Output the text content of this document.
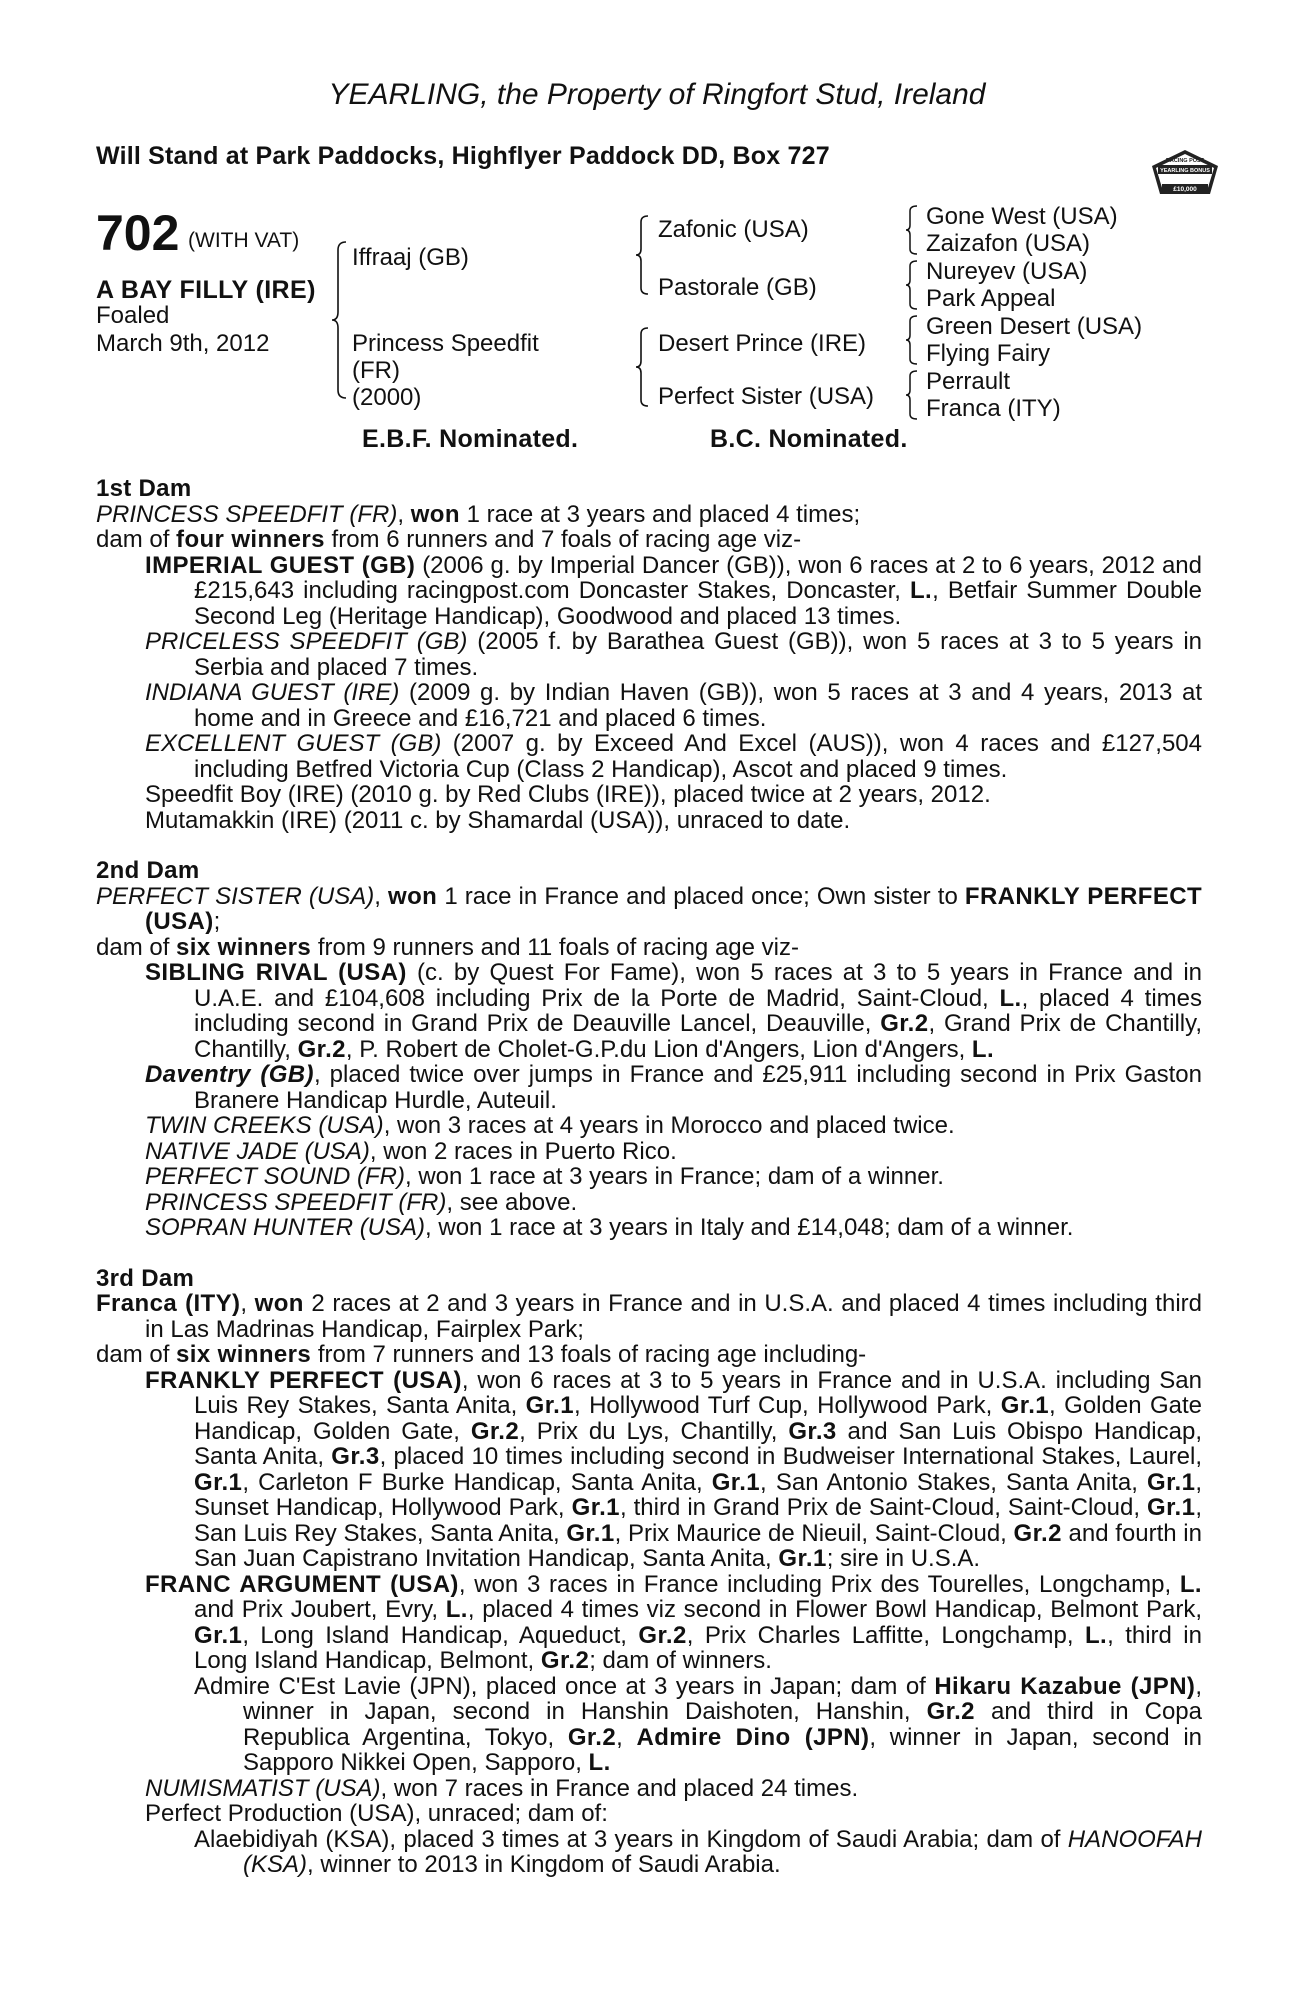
YEARLING, the Property of Ringfort Stud, Ireland
Will Stand at Park Paddocks, Highflyer Paddock DD, Box 727	RACING POST
YEARLING BONUS
£10,000
702 (WITH VAT)
A BAY FILLY (IRE)
Foaled
March 9th, 2012
Iffraaj (GB)
Princess Speedfit
(FR)
(2000)
Zafonic (USA)
Pastorale (GB)
Desert Prince (IRE)
Perfect Sister (USA)
Gone West (USA)
Zaizafon (USA)
Nureyev (USA)
Park Appeal
Green Desert (USA)
Flying Fairy
Perrault
Franca (ITY)
E.B.F. Nominated.	B.C. Nominated.
1st Dam

PRINCESS SPEEDFIT (FR), won 1 race at 3 years and placed 4 times;

dam of four winners from 6 runners and 7 foals of racing age viz-

IMPERIAL GUEST (GB) (2006 g. by Imperial Dancer (GB)), won 6 races at 2 to 6 years, 2012 and £215,643 including racingpost.com Doncaster Stakes, Doncaster, L., Betfair Summer Double Second Leg (Heritage Handicap), Goodwood and placed 13 times.

PRICELESS SPEEDFIT (GB) (2005 f. by Barathea Guest (GB)), won 5 races at 3 to 5 years in Serbia and placed 7 times.

INDIANA GUEST (IRE) (2009 g. by Indian Haven (GB)), won 5 races at 3 and 4 years, 2013 at home and in Greece and £16,721 and placed 6 times.

EXCELLENT GUEST (GB) (2007 g. by Exceed And Excel (AUS)), won 4 races and £127,504 including Betfred Victoria Cup (Class 2 Handicap), Ascot and placed 9 times.

Speedfit Boy (IRE) (2010 g. by Red Clubs (IRE)), placed twice at 2 years, 2012.

Mutamakkin (IRE) (2011 c. by Shamardal (USA)), unraced to date.

2nd Dam

PERFECT SISTER (USA), won 1 race in France and placed once; Own sister to FRANKLY PERFECT (USA);

dam of six winners from 9 runners and 11 foals of racing age viz-

SIBLING RIVAL (USA) (c. by Quest For Fame), won 5 races at 3 to 5 years in France and in U.A.E. and £104,608 including Prix de la Porte de Madrid, Saint-Cloud, L., placed 4 times including second in Grand Prix de Deauville Lancel, Deauville, Gr.2, Grand Prix de Chantilly, Chantilly, Gr.2, P. Robert de Cholet-G.P.du Lion d'Angers, Lion d'Angers, L.

Daventry (GB), placed twice over jumps in France and £25,911 including second in Prix Gaston Branere Handicap Hurdle, Auteuil.

TWIN CREEKS (USA), won 3 races at 4 years in Morocco and placed twice.

NATIVE JADE (USA), won 2 races in Puerto Rico.

PERFECT SOUND (FR), won 1 race at 3 years in France; dam of a winner.

PRINCESS SPEEDFIT (FR), see above.

SOPRAN HUNTER (USA), won 1 race at 3 years in Italy and £14,048; dam of a winner.

3rd Dam

Franca (ITY), won 2 races at 2 and 3 years in France and in U.S.A. and placed 4 times including third in Las Madrinas Handicap, Fairplex Park;

dam of six winners from 7 runners and 13 foals of racing age including-

FRANKLY PERFECT (USA), won 6 races at 3 to 5 years in France and in U.S.A. including San Luis Rey Stakes, Santa Anita, Gr.1, Hollywood Turf Cup, Hollywood Park, Gr.1, Golden Gate Handicap, Golden Gate, Gr.2, Prix du Lys, Chantilly, Gr.3 and San Luis Obispo Handicap, Santa Anita, Gr.3, placed 10 times including second in Budweiser International Stakes, Laurel, Gr.1, Carleton F Burke Handicap, Santa Anita, Gr.1, San Antonio Stakes, Santa Anita, Gr.1, Sunset Handicap, Hollywood Park, Gr.1, third in Grand Prix de Saint-Cloud, Saint-Cloud, Gr.1, San Luis Rey Stakes, Santa Anita, Gr.1, Prix Maurice de Nieuil, Saint-Cloud, Gr.2 and fourth in San Juan Capistrano Invitation Handicap, Santa Anita, Gr.1; sire in U.S.A.

FRANC ARGUMENT (USA), won 3 races in France including Prix des Tourelles, Longchamp, L. and Prix Joubert, Evry, L., placed 4 times viz second in Flower Bowl Handicap, Belmont Park, Gr.1, Long Island Handicap, Aqueduct, Gr.2, Prix Charles Laffitte, Longchamp, L., third in Long Island Handicap, Belmont, Gr.2; dam of winners.

Admire C'Est Lavie (JPN), placed once at 3 years in Japan; dam of Hikaru Kazabue (JPN), winner in Japan, second in Hanshin Daishoten, Hanshin, Gr.2 and third in Copa Republica Argentina, Tokyo, Gr.2, Admire Dino (JPN), winner in Japan, second in Sapporo Nikkei Open, Sapporo, L.

NUMISMATIST (USA), won 7 races in France and placed 24 times.

Perfect Production (USA), unraced; dam of:

Alaebidiyah (KSA), placed 3 times at 3 years in Kingdom of Saudi Arabia; dam of HANOOFAH (KSA), winner to 2013 in Kingdom of Saudi Arabia.
